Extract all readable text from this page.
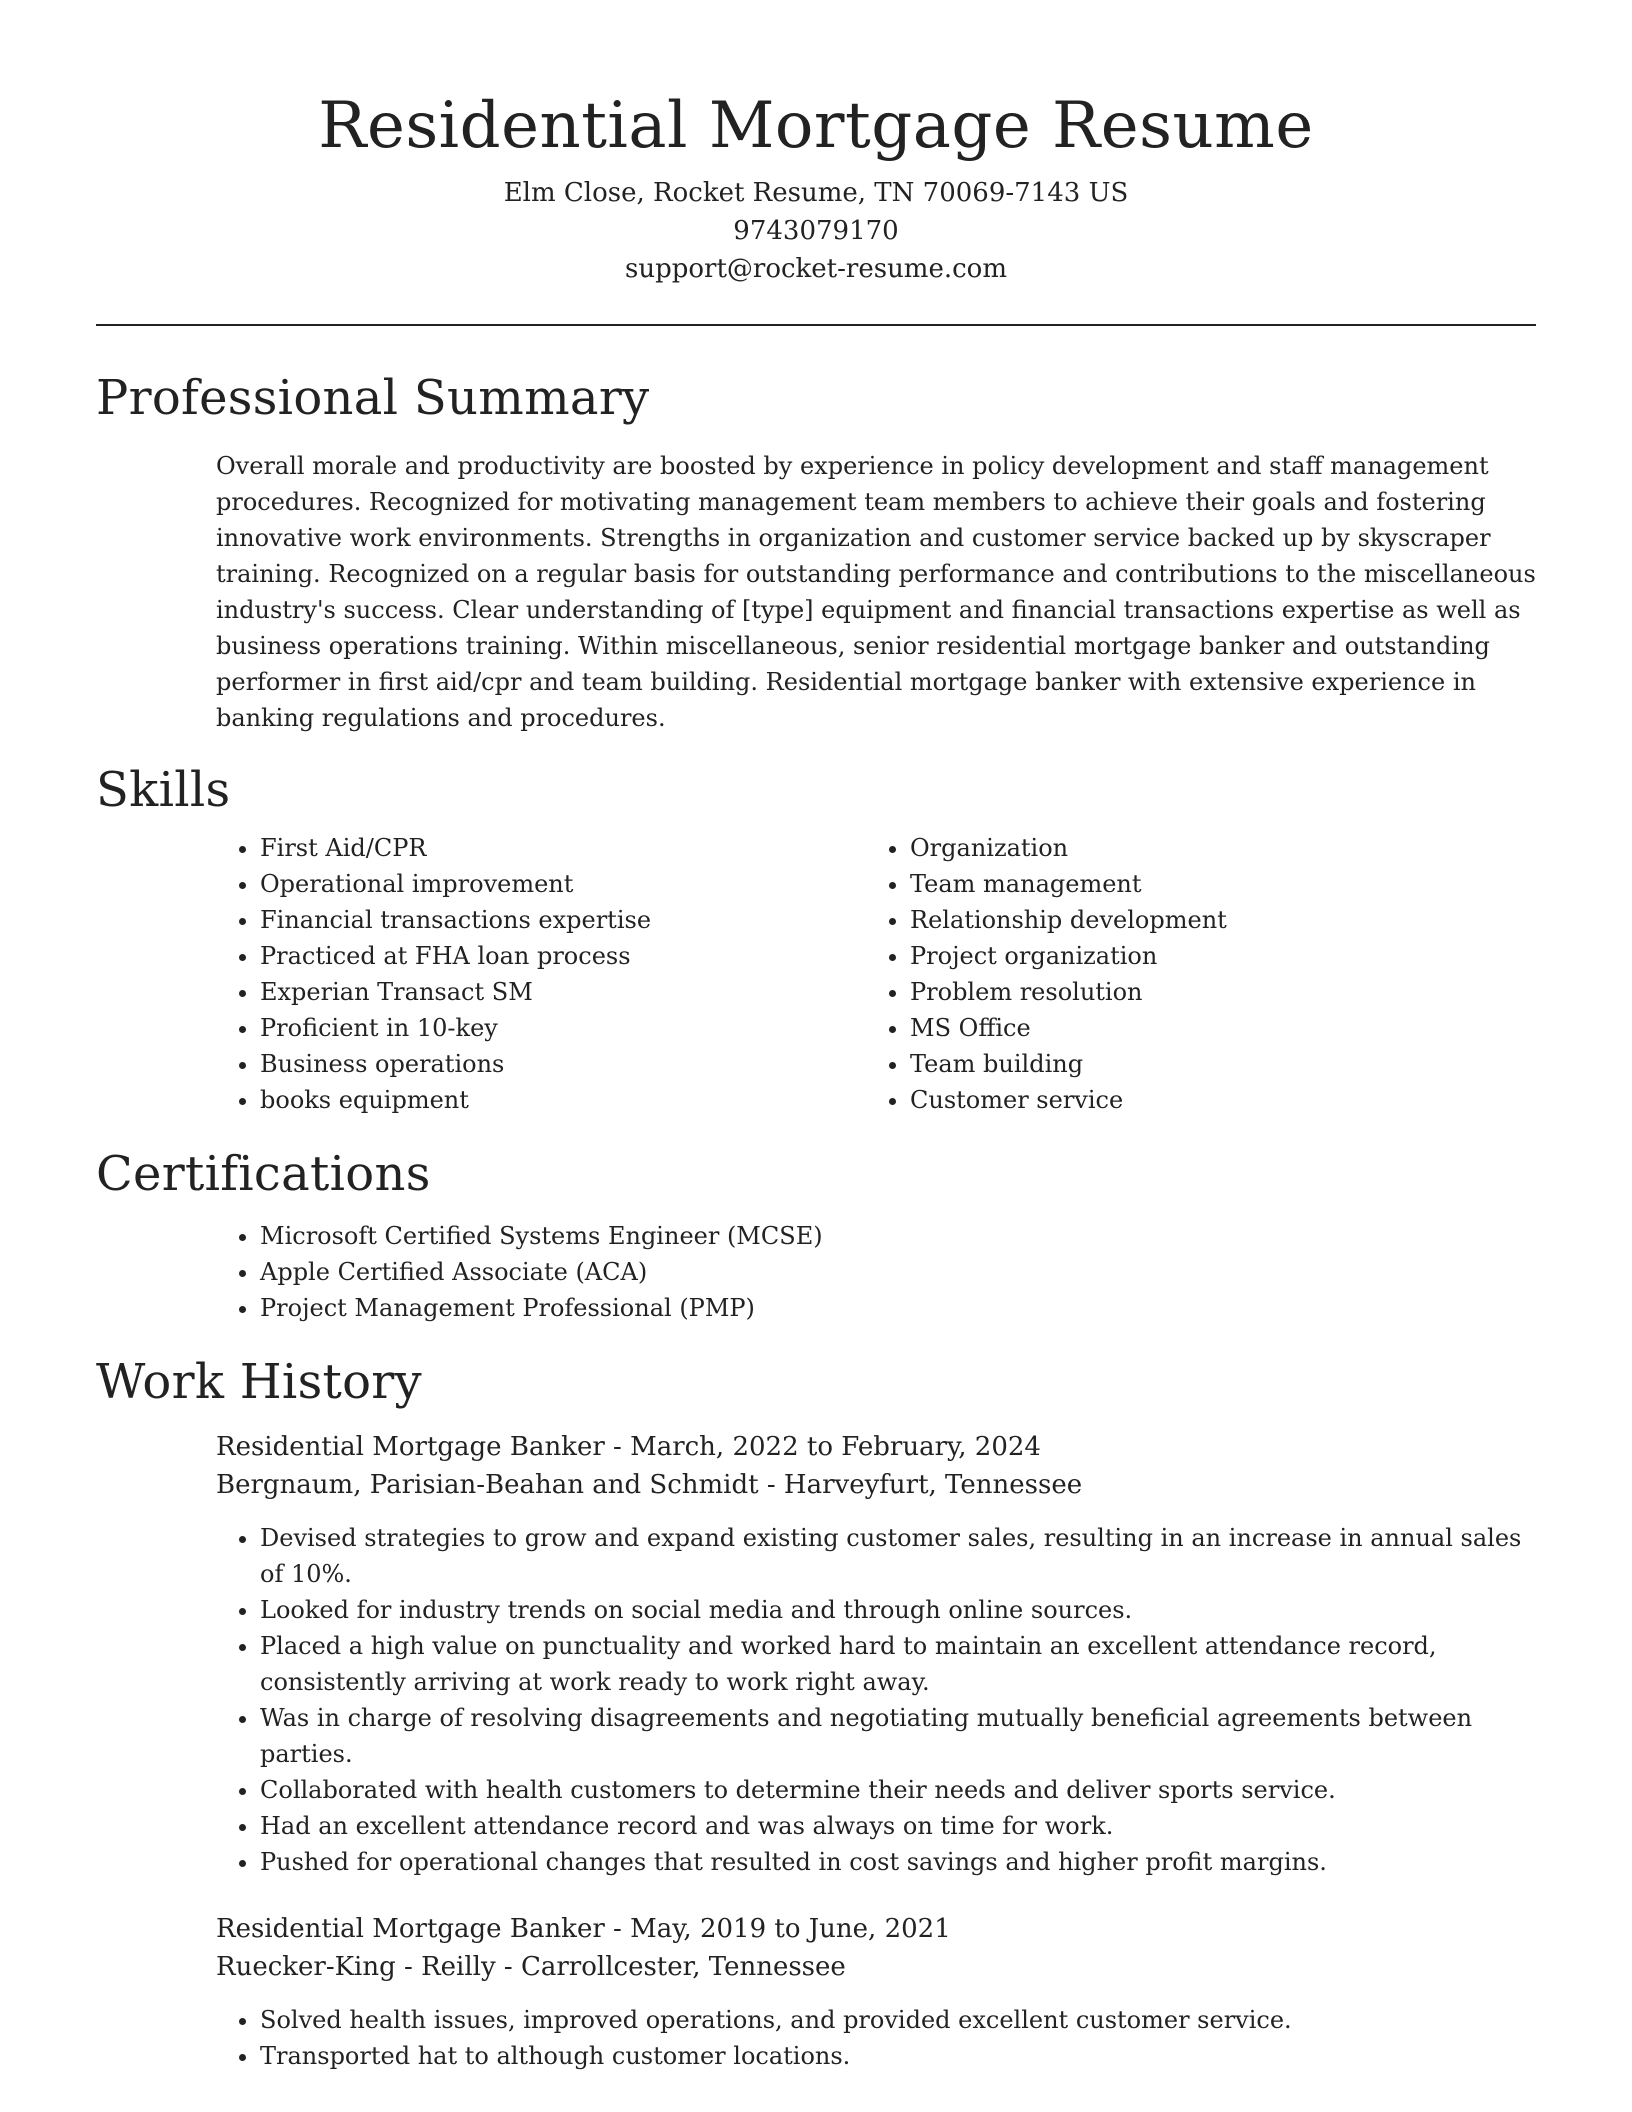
Residential Mortgage Resume
Elm Close, Rocket Resume, TN 70069-7143 US
9743079170
support@rocket-resume.com
Professional Summary
Overall morale and productivity are boosted by experience in policy development and staff management procedures. Recognized for motivating management team members to achieve their goals and fostering innovative work environments. Strengths in organization and customer service backed up by skyscraper training. Recognized on a regular basis for outstanding performance and contributions to the miscellaneous industry's success. Clear understanding of [type] equipment and financial transactions expertise as well as business operations training. Within miscellaneous, senior residential mortgage banker and outstanding performer in first aid/cpr and team building. Residential mortgage banker with extensive experience in banking regulations and procedures.
Skills
• First Aid/CPR
• Operational improvement
• Financial transactions expertise
• Practiced at FHA loan process
• Experian Transact SM
• Proficient in 10-key
• Business operations
• books equipment
• Organization
• Team management
• Relationship development
• Project organization
• Problem resolution
• MS Office
• Team building
• Customer service
Certifications
• Microsoft Certified Systems Engineer (MCSE)
• Apple Certified Associate (ACA)
• Project Management Professional (PMP)
Work History
Residential Mortgage Banker - March, 2022 to February, 2024
Bergnaum, Parisian-Beahan and Schmidt - Harveyfurt, Tennessee
• Devised strategies to grow and expand existing customer sales, resulting in an increase in annual sales of 10%.
• Looked for industry trends on social media and through online sources.
• Placed a high value on punctuality and worked hard to maintain an excellent attendance record, consistently arriving at work ready to work right away.
• Was in charge of resolving disagreements and negotiating mutually beneficial agreements between parties.
• Collaborated with health customers to determine their needs and deliver sports service.
• Had an excellent attendance record and was always on time for work.
• Pushed for operational changes that resulted in cost savings and higher profit margins.
Residential Mortgage Banker - May, 2019 to June, 2021
Ruecker-King - Reilly - Carrollcester, Tennessee
• Solved health issues, improved operations, and provided excellent customer service.
• Transported hat to although customer locations.
